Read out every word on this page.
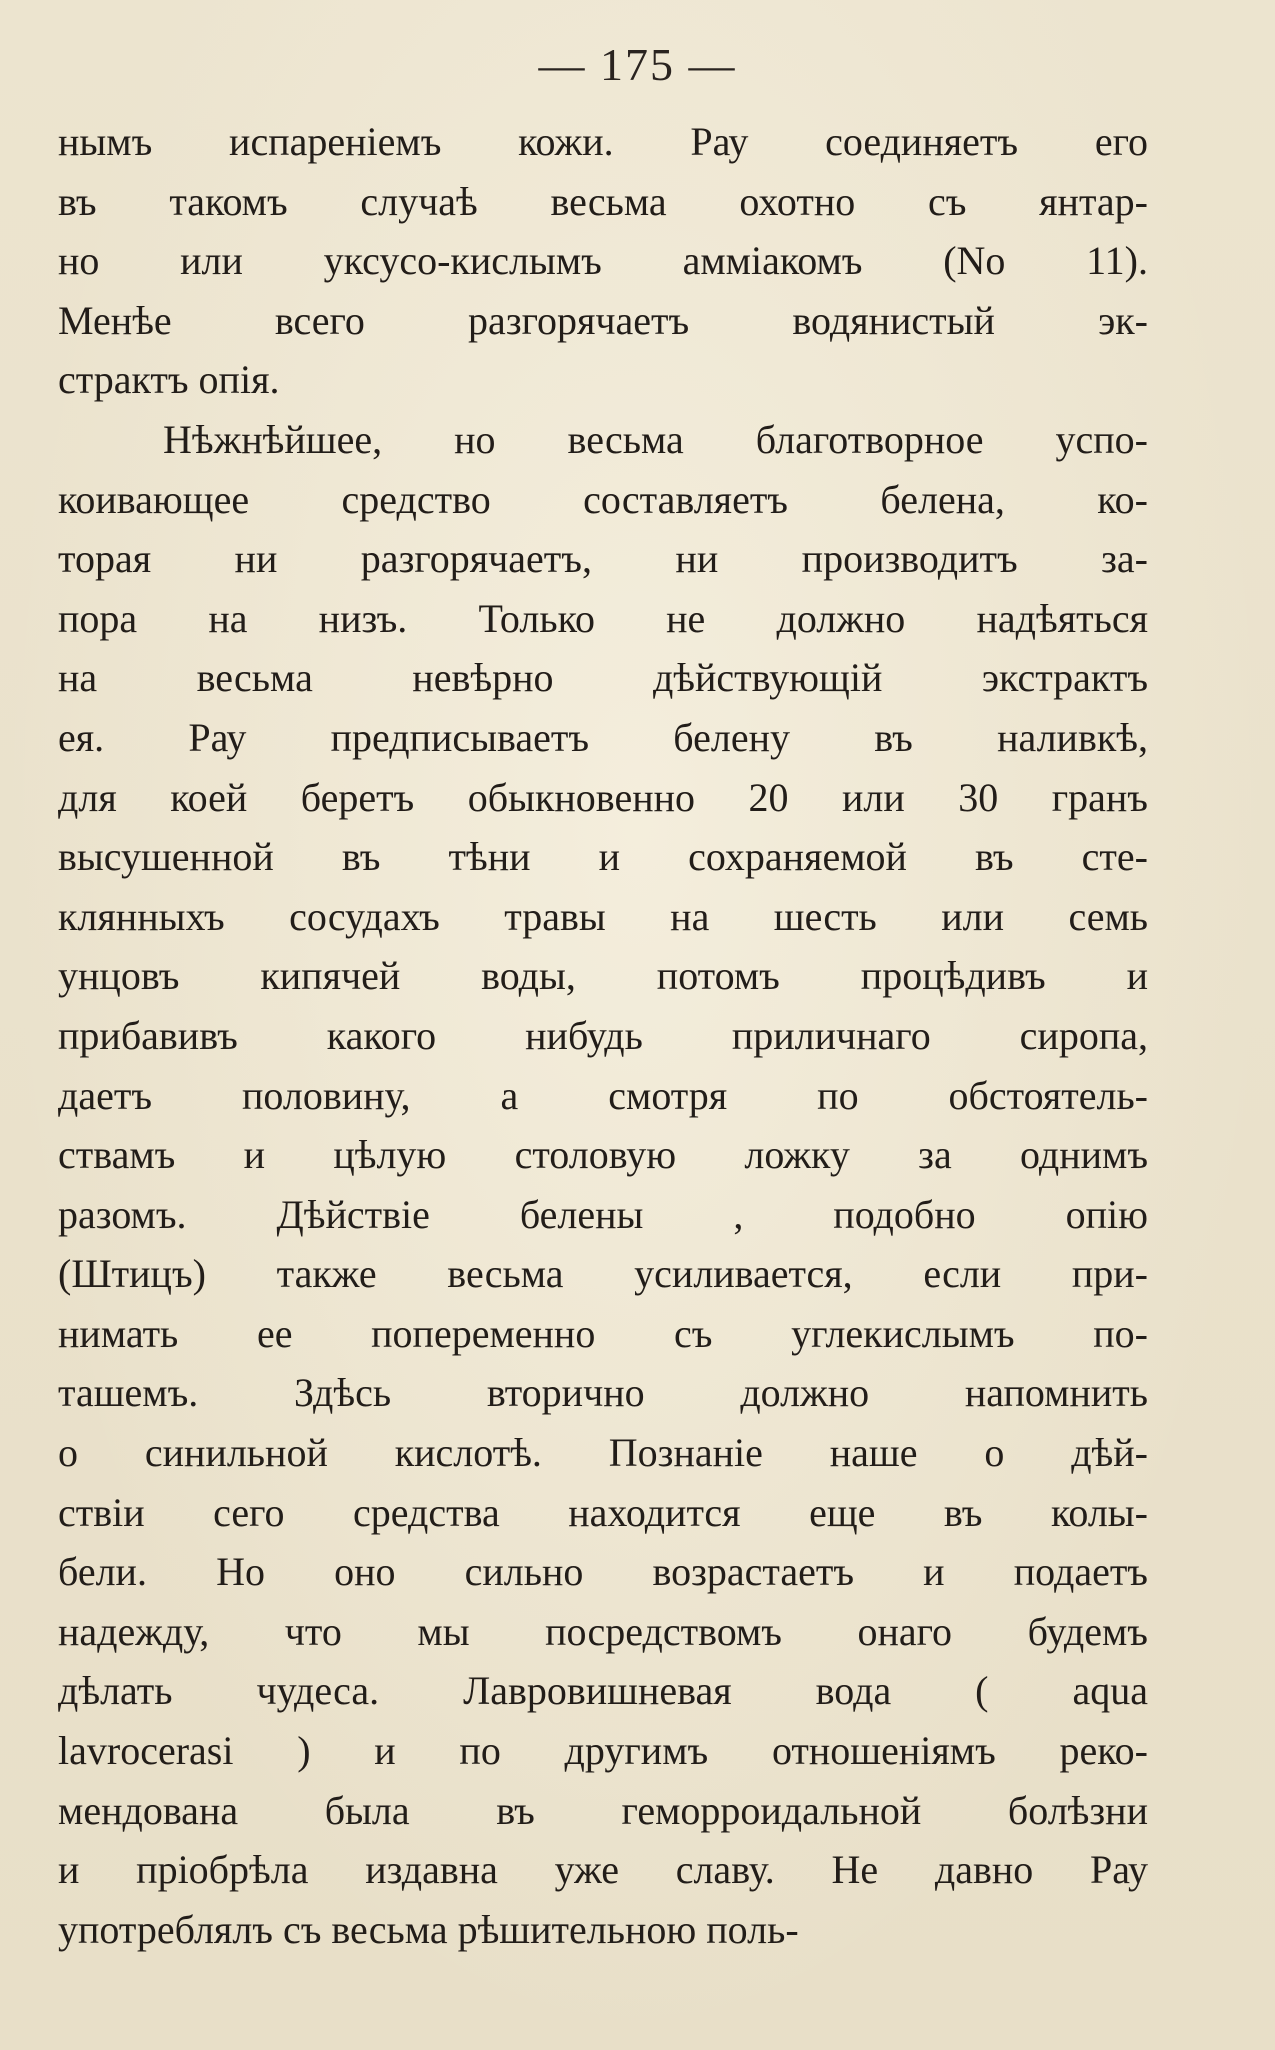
— 175 —
нымъ испареніемъ кожи. Рау соединяетъ его
въ такомъ случаѣ весьма охотно съ янтар-
но или уксусо-кислымъ аммiакомъ (No 11).
Менѣе всего разгорячаетъ водянистый эк-
страктъ опія.
Нѣжнѣйшее, но весьма благотворное успо-
коивающее средство составляетъ белена, ко-
торая ни разгорячаетъ, ни производитъ за-
пора на низъ. Только не должно надѣяться
на весьма невѣрно дѣйствующій экстрактъ
ея. Рау предписываетъ белену въ наливкѣ,
для коей беретъ обыкновенно 20 или 30 гранъ
высушенной въ тѣни и сохраняемой въ сте-
клянныхъ сосудахъ травы на шесть или семь
унцовъ кипячей воды, потомъ процѣдивъ и
прибавивъ какого нибудь приличнаго сиропа,
даетъ половину, а смотря по обстоятель-
ствамъ и цѣлую столовую ложку за однимъ
разомъ. Дѣйствіе белены , подобно опію
(Штицъ) также весьма усиливается, если при-
нимать ее попеременно съ углекислымъ по-
ташемъ. Здѣсь вторично должно напомнить
о синильной кислотѣ. Познаніе наше о дѣй-
ствіи сего средства находится еще въ колы-
бели. Но оно сильно возрастаетъ и подаетъ
надежду, что мы посредствомъ онаго будемъ
дѣлать чудеса. Лавровишневая вода ( aqua
lavrocerasi ) и по другимъ отношеніямъ реко-
мендована была въ геморроидальной болѣзни
и пріобрѣла издавна уже славу. Не давно Рау
употреблялъ съ весьма рѣшительною поль-
